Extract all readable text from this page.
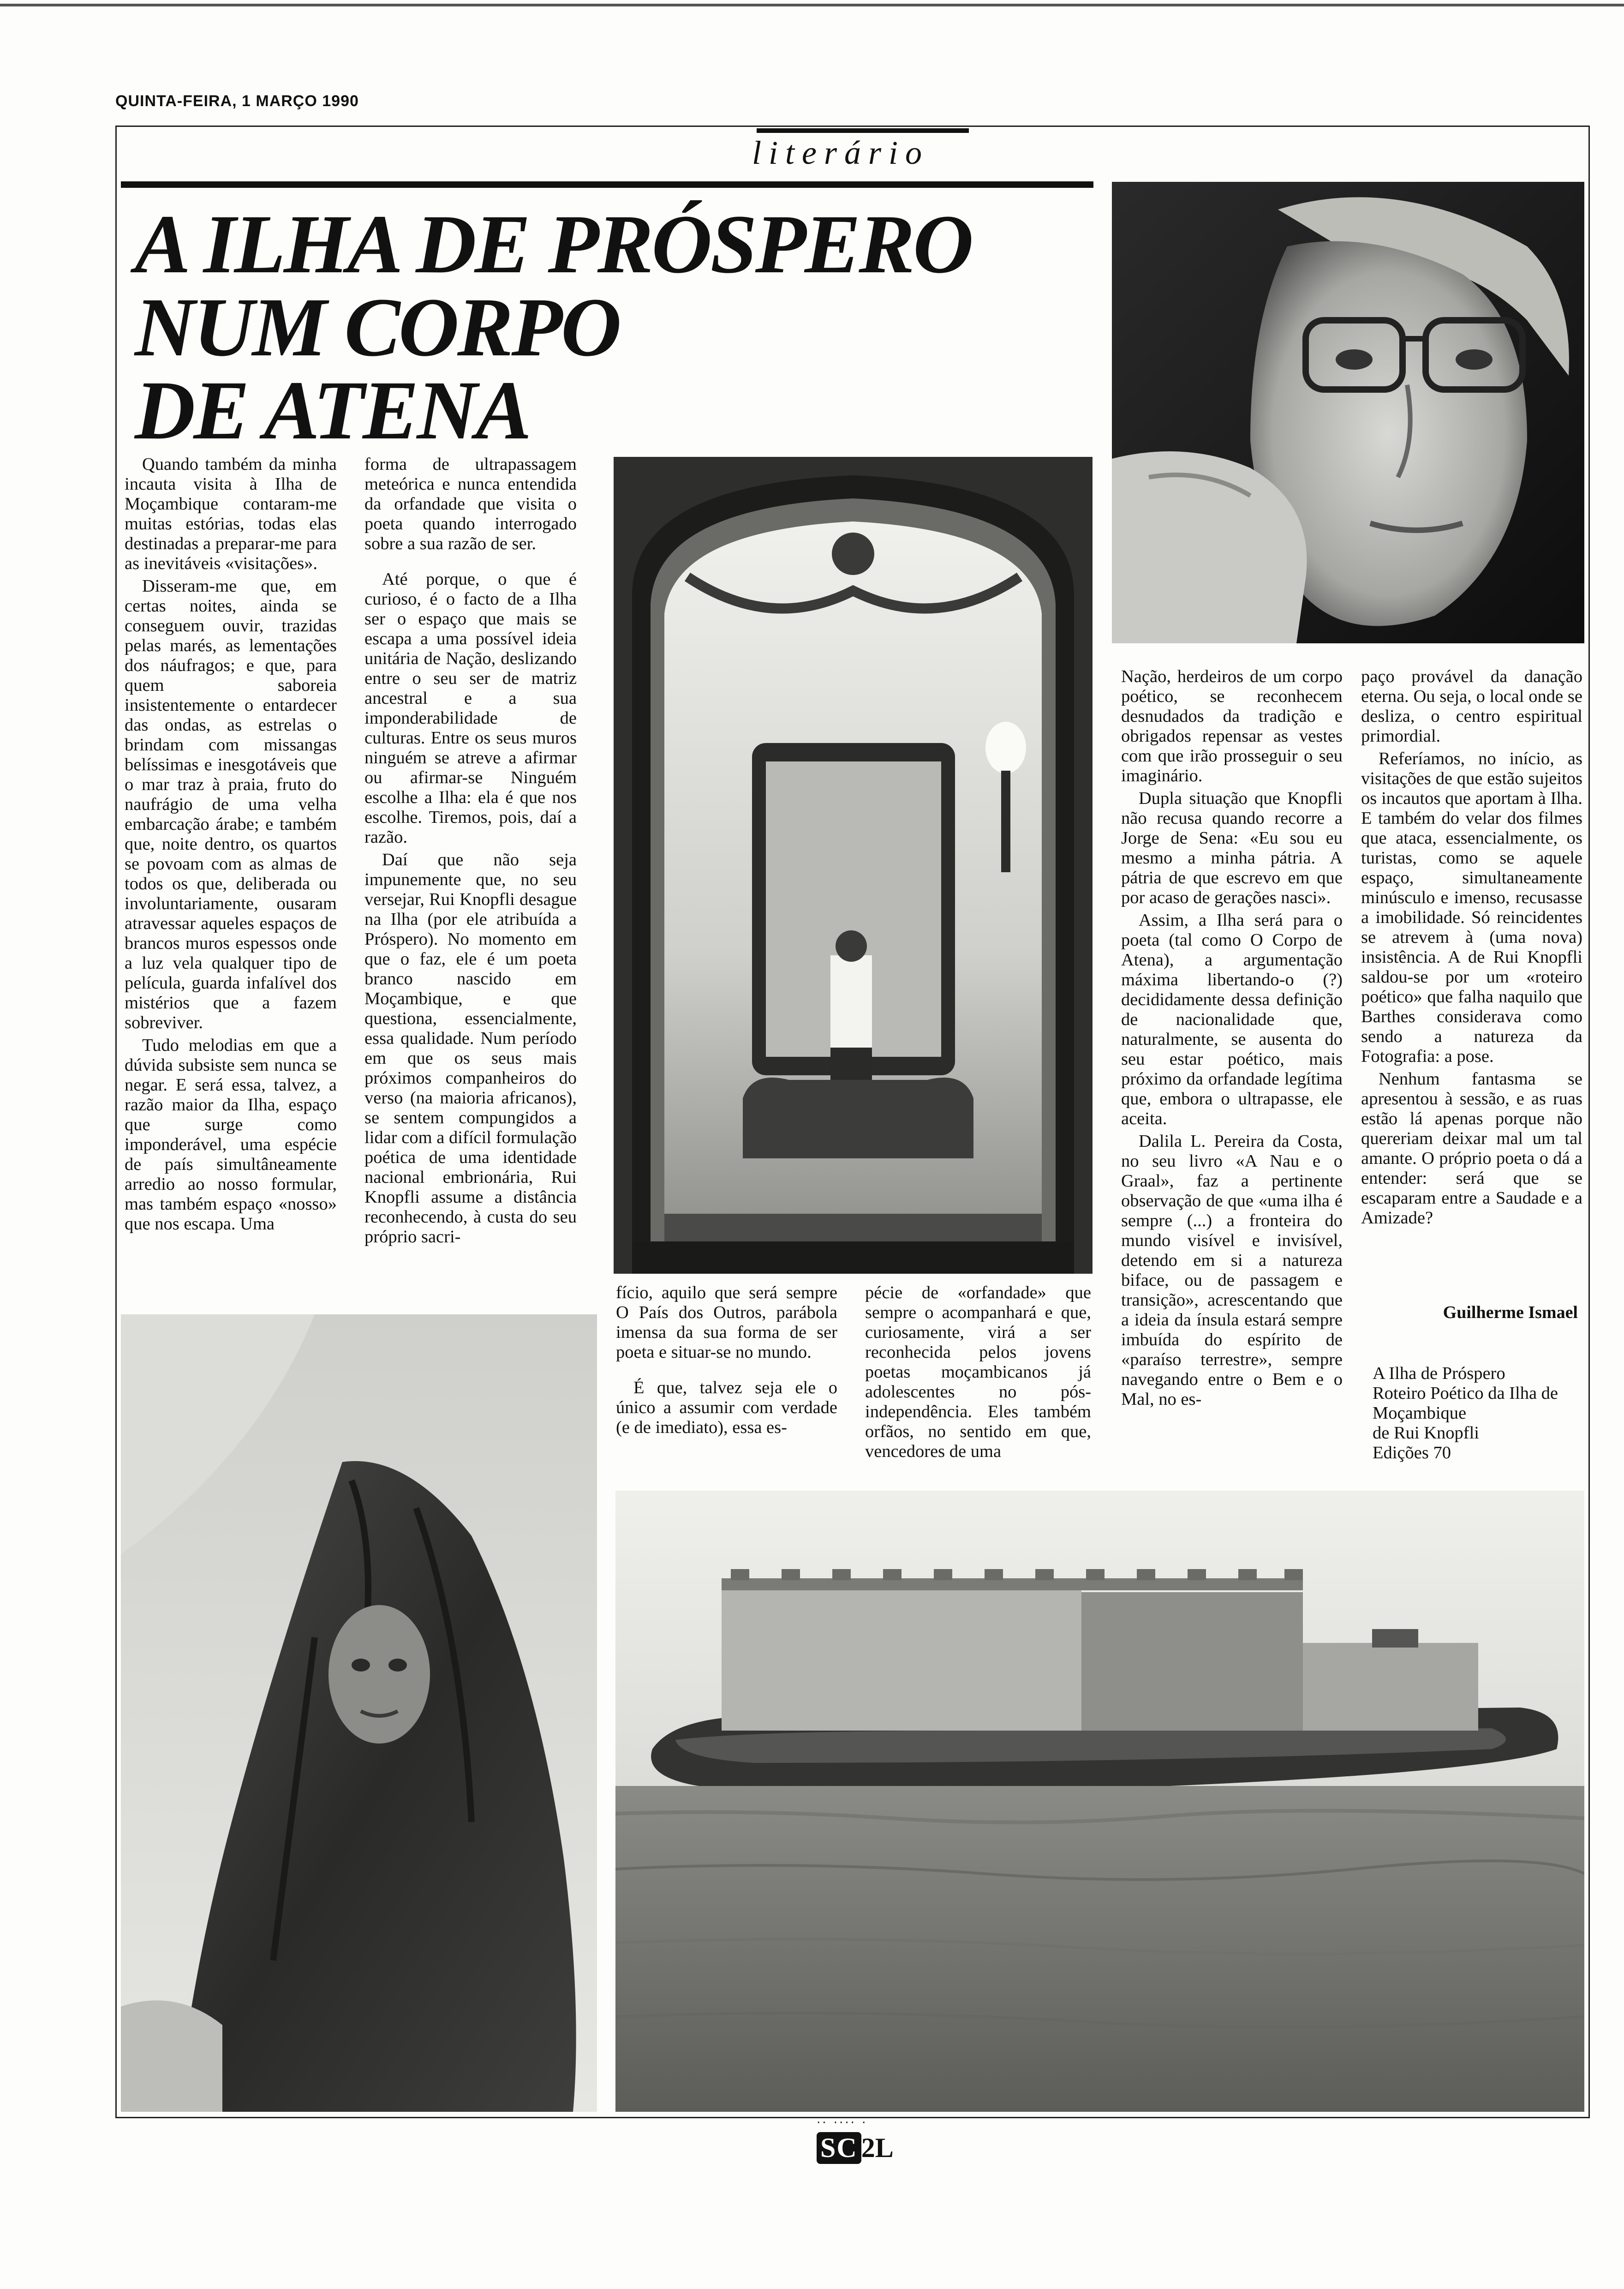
QUINTA-FEIRA, 1 MARÇO 1990
literário
A ILHA DE PRÓSPERO
NUM CORPO
DE ATENA

Quando também da minha incauta visita à Ilha de Moçambique contaram-me muitas estórias, todas elas destinadas a preparar-me para as inevitáveis «visitações».

Disseram-me que, em certas noites, ainda se conseguem ouvir, trazidas pelas marés, as lementações dos náufragos; e que, para quem saboreia insistentemente o entardecer das ondas, as estrelas o brindam com missangas belíssimas e inesgotáveis que o mar traz à praia, fruto do naufrágio de uma velha embarcação árabe; e também que, noite dentro, os quartos se povoam com as almas de todos os que, deliberada ou involuntariamente, ousaram atravessar aqueles espaços de brancos muros espessos onde a luz vela qualquer tipo de película, guarda infalível dos mistérios que a fazem sobreviver.

Tudo melodias em que a dúvida subsiste sem nunca se negar. E será essa, talvez, a razão maior da Ilha, espaço que surge como imponderável, uma espécie de país simultâneamente arredio ao nosso formular, mas também espaço «nosso» que nos escapa. Uma

forma de ultrapassagem meteórica e nunca entendida da orfandade que visita o poeta quando interrogado sobre a sua razão de ser.

Até porque, o que é curioso, é o facto de a Ilha ser o espaço que mais se escapa a uma possível ideia unitária de Nação, deslizando entre o seu ser de matriz ancestral e a sua imponderabilidade de culturas. Entre os seus muros ninguém se atreve a afirmar ou afirmar-se Ninguém escolhe a Ilha: ela é que nos escolhe. Tiremos, pois, daí a razão.

Daí que não seja impunemente que, no seu versejar, Rui Knopfli desague na Ilha (por ele atribuída a Próspero). No momento em que o faz, ele é um poeta branco nascido em Moçambique, e que questiona, essencialmente, essa qualidade. Num período em que os seus mais próximos companheiros do verso (na maioria africanos), se sentem compungidos a lidar com a difícil formulação poética de uma identidade nacional embrionária, Rui Knopfli assume a distância reconhecendo, à custa do seu próprio sacri-

fício, aquilo que será sempre O País dos Outros, parábola imensa da sua forma de ser poeta e situar-se no mundo.

É que, talvez seja ele o único a assumir com verdade (e de imediato), essa es-

pécie de «orfandade» que sempre o acompanhará e que, curiosamente, virá a ser reconhecida pelos jovens poetas moçambicanos já adolescentes no pós-independência. Eles também orfãos, no sentido em que, vencedores de uma

Nação, herdeiros de um corpo poético, se reconhecem desnudados da tradição e obrigados repensar as vestes com que irão prosseguir o seu imaginário.

Dupla situação que Knopfli não recusa quando recorre a Jorge de Sena: «Eu sou eu mesmo a minha pátria. A pátria de que escrevo em que por acaso de gerações nasci».

Assim, a Ilha será para o poeta (tal como O Corpo de Atena), a argumentação máxima libertando-o (?) decididamente dessa definição de nacionalidade que, naturalmente, se ausenta do seu estar poético, mais próximo da orfandade legítima que, embora o ultrapasse, ele aceita.

Dalila L. Pereira da Costa, no seu livro «A Nau e o Graal», faz a pertinente observação de que «uma ilha é sempre (...) a fronteira do mundo visível e invisível, detendo em si a natureza biface, ou de passagem e transição», acrescentando que a ideia da ínsula estará sempre imbuída do espírito de «paraíso terrestre», sempre navegando entre o Bem e o Mal, no es-

paço provável da danação eterna. Ou seja, o local onde se desliza, o centro espiritual primordial.

Referíamos, no início, as visitações de que estão sujeitos os incautos que aportam à Ilha. E também do velar dos filmes que ataca, essencialmente, os turistas, como se aquele espaço, simultaneamente minúsculo e imenso, recusasse a imobilidade. Só reincidentes se atrevem à (uma nova) insistência. A de Rui Knopfli saldou-se por um «roteiro poético» que falha naquilo que Barthes considerava como sendo a natureza da Fotografia: a pose.

Nenhum fantasma se apresentou à sessão, e as ruas estão lá apenas porque não quereriam deixar mal um tal amante. O próprio poeta o dá a entender: será que se escaparam entre a Saudade e a Amizade?

Guilherme Ismael
A Ilha de Próspero
Roteiro Poético da Ilha de Moçambique
de Rui Knopfli
Edições 70
·· ···· ·
SC 2L
